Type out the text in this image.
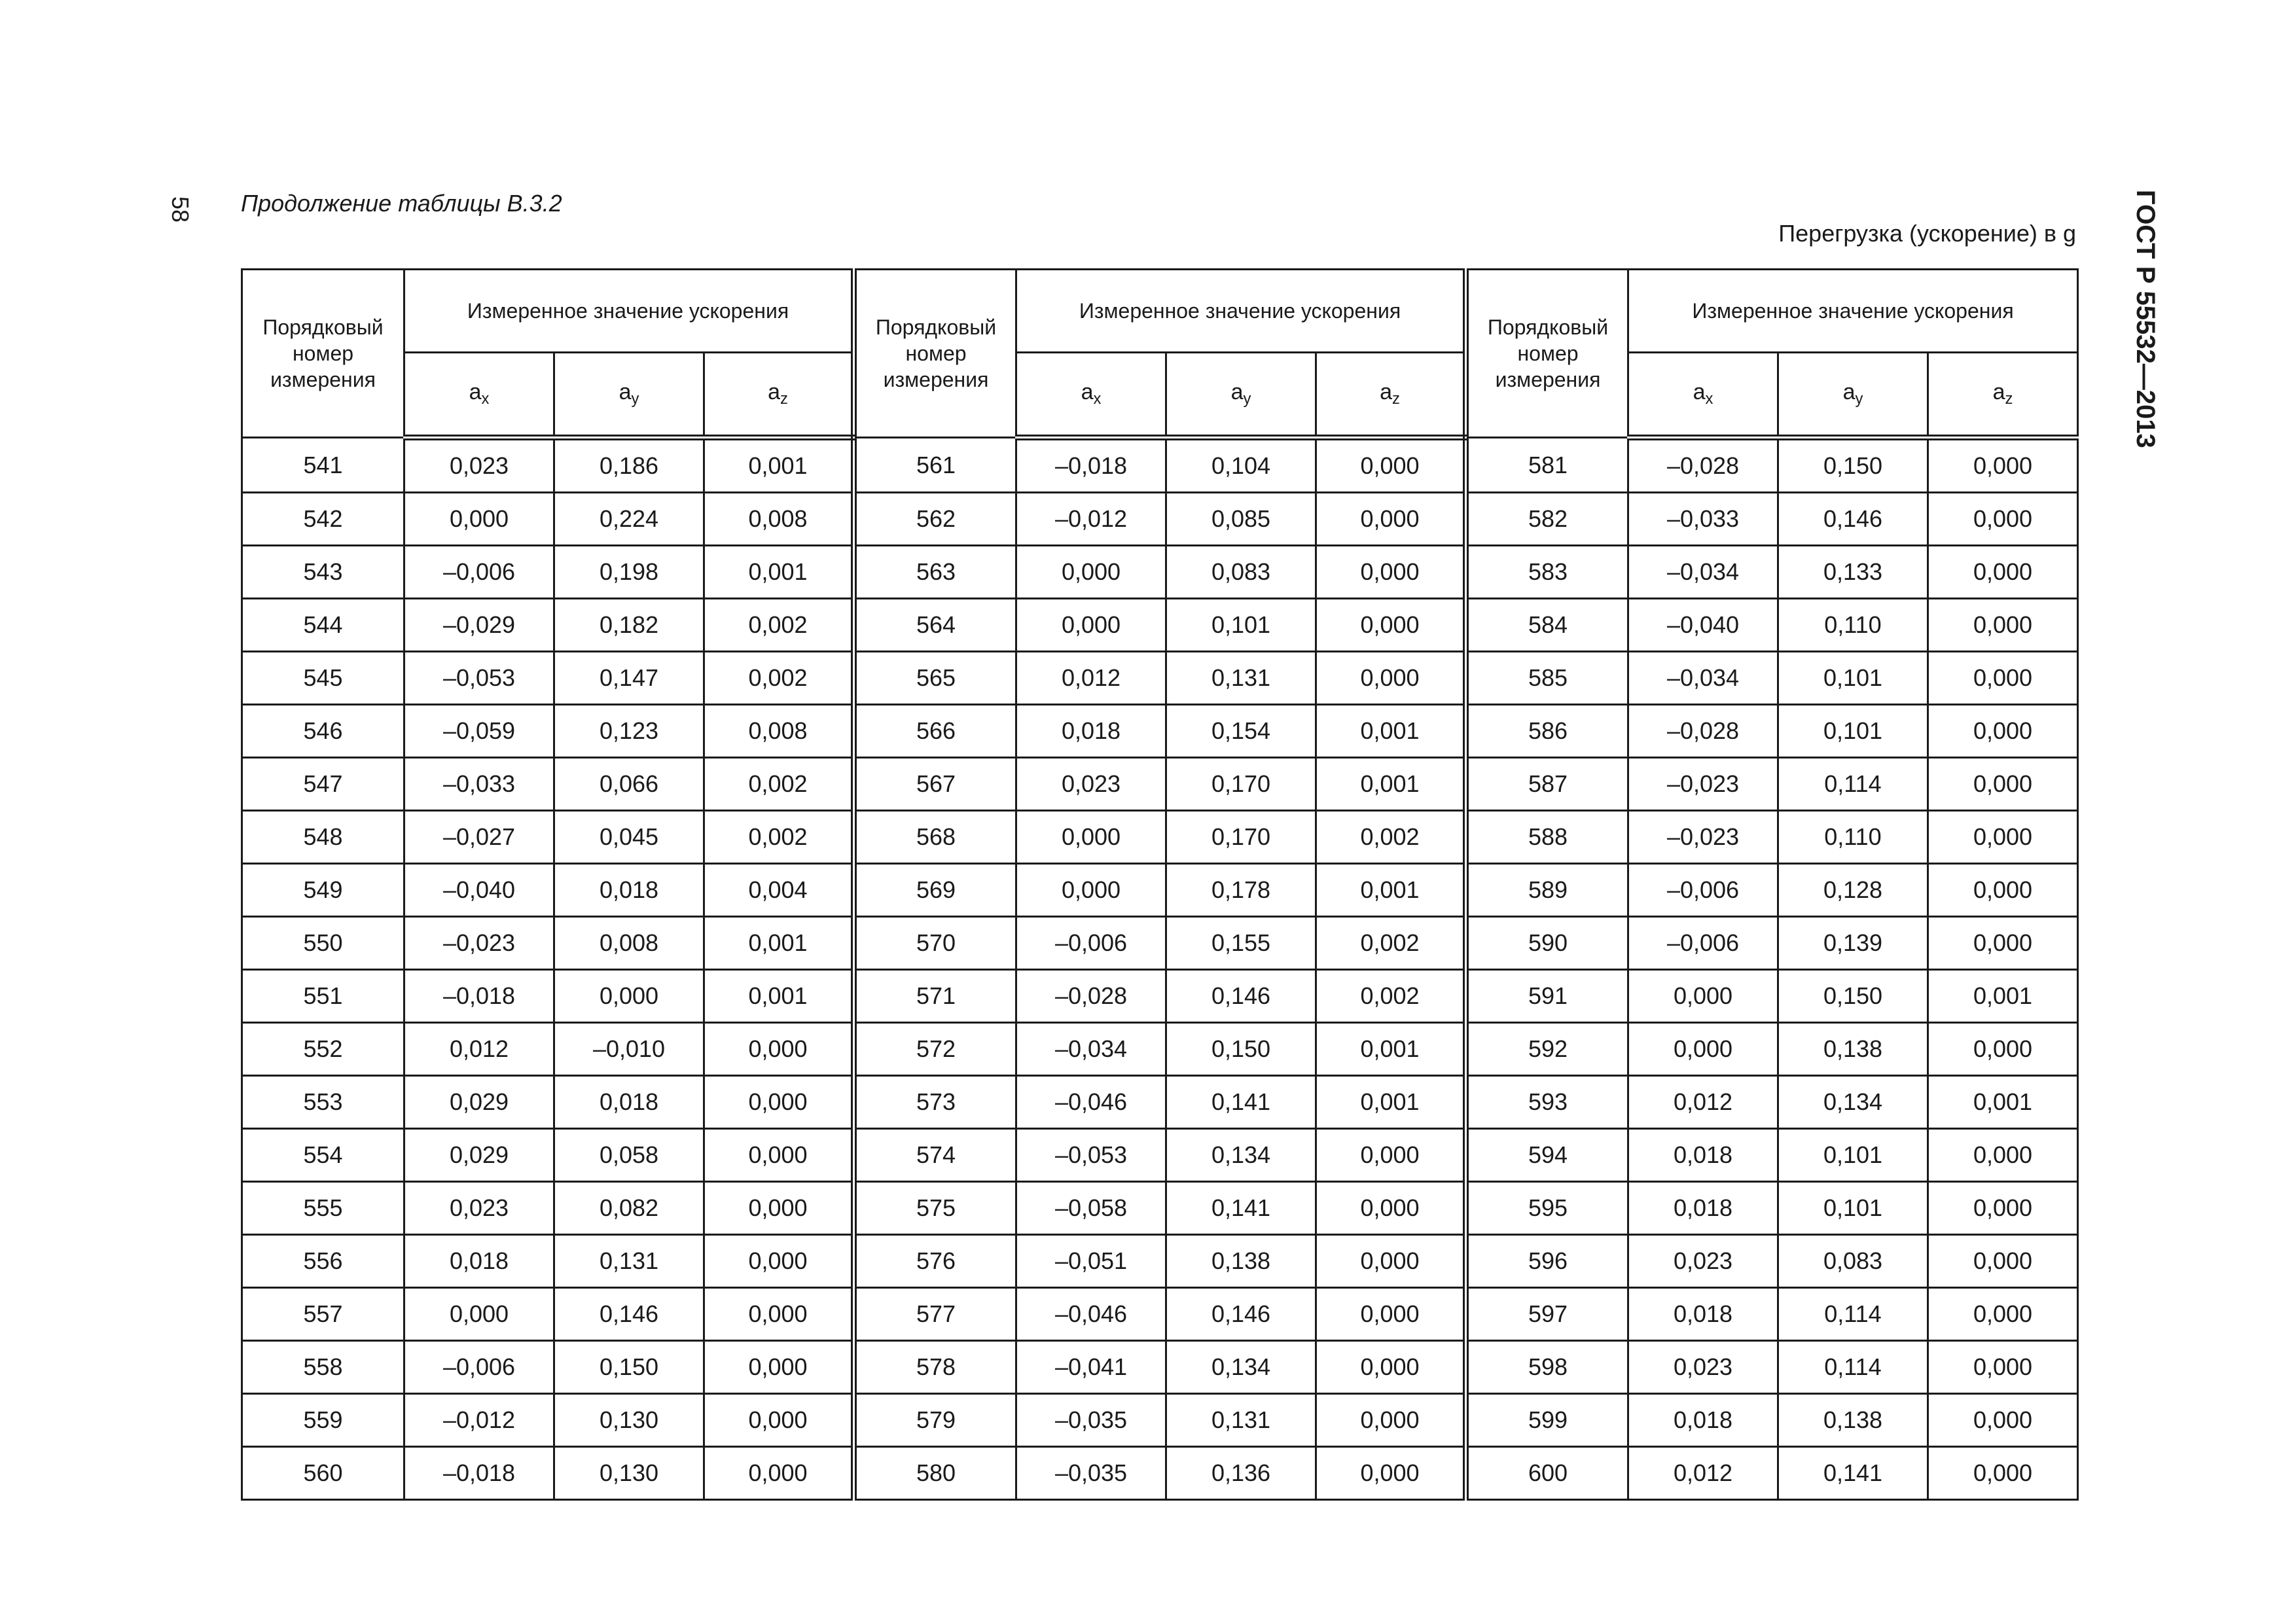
58 Продолжение таблицы В.3.2
Перегрузка (ускорение) в g ГОСТ Р 55532—2013
Порядковый номер измерения	Измеренное значение ускорения			Порядковый номер измерения	Измеренное значение ускорения			Порядковый номер измерения	Измеренное значение ускорения		
	$a_x$	$a_y$	$a_z$		$a_x$	$a_y$	$a_z$		$a_x$	$a_y$	$a_z$
541	0,023	0,186	0,001	561	–0,018	0,104	0,000	581	–0,028	0,150	0,000
542	0,000	0,224	0,008	562	–0,012	0,085	0,000	582	–0,033	0,146	0,000
543	–0,006	0,198	0,001	563	0,000	0,083	0,000	583	–0,034	0,133	0,000
544	–0,029	0,182	0,002	564	0,000	0,101	0,000	584	–0,040	0,110	0,000
545	–0,053	0,147	0,002	565	0,012	0,131	0,000	585	–0,034	0,101	0,000
546	–0,059	0,123	0,008	566	0,018	0,154	0,001	586	–0,028	0,101	0,000
547	–0,033	0,066	0,002	567	0,023	0,170	0,001	587	–0,023	0,114	0,000
548	–0,027	0,045	0,002	568	0,000	0,170	0,002	588	–0,023	0,110	0,000
549	–0,040	0,018	0,004	569	0,000	0,178	0,001	589	–0,006	0,128	0,000
550	–0,023	0,008	0,001	570	–0,006	0,155	0,002	590	–0,006	0,139	0,000
551	–0,018	0,000	0,001	571	–0,028	0,146	0,002	591	0,000	0,150	0,001
552	0,012	–0,010	0,000	572	–0,034	0,150	0,001	592	0,000	0,138	0,000
553	0,029	0,018	0,000	573	–0,046	0,141	0,001	593	0,012	0,134	0,001
554	0,029	0,058	0,000	574	–0,053	0,134	0,000	594	0,018	0,101	0,000
555	0,023	0,082	0,000	575	–0,058	0,141	0,000	595	0,018	0,101	0,000
556	0,018	0,131	0,000	576	–0,051	0,138	0,000	596	0,023	0,083	0,000
557	0,000	0,146	0,000	577	–0,046	0,146	0,000	597	0,018	0,114	0,000
558	–0,006	0,150	0,000	578	–0,041	0,134	0,000	598	0,023	0,114	0,000
559	–0,012	0,130	0,000	579	–0,035	0,131	0,000	599	0,018	0,138	0,000
560	–0,018	0,130	0,000	580	–0,035	0,136	0,000	600	0,012	0,141	0,000
